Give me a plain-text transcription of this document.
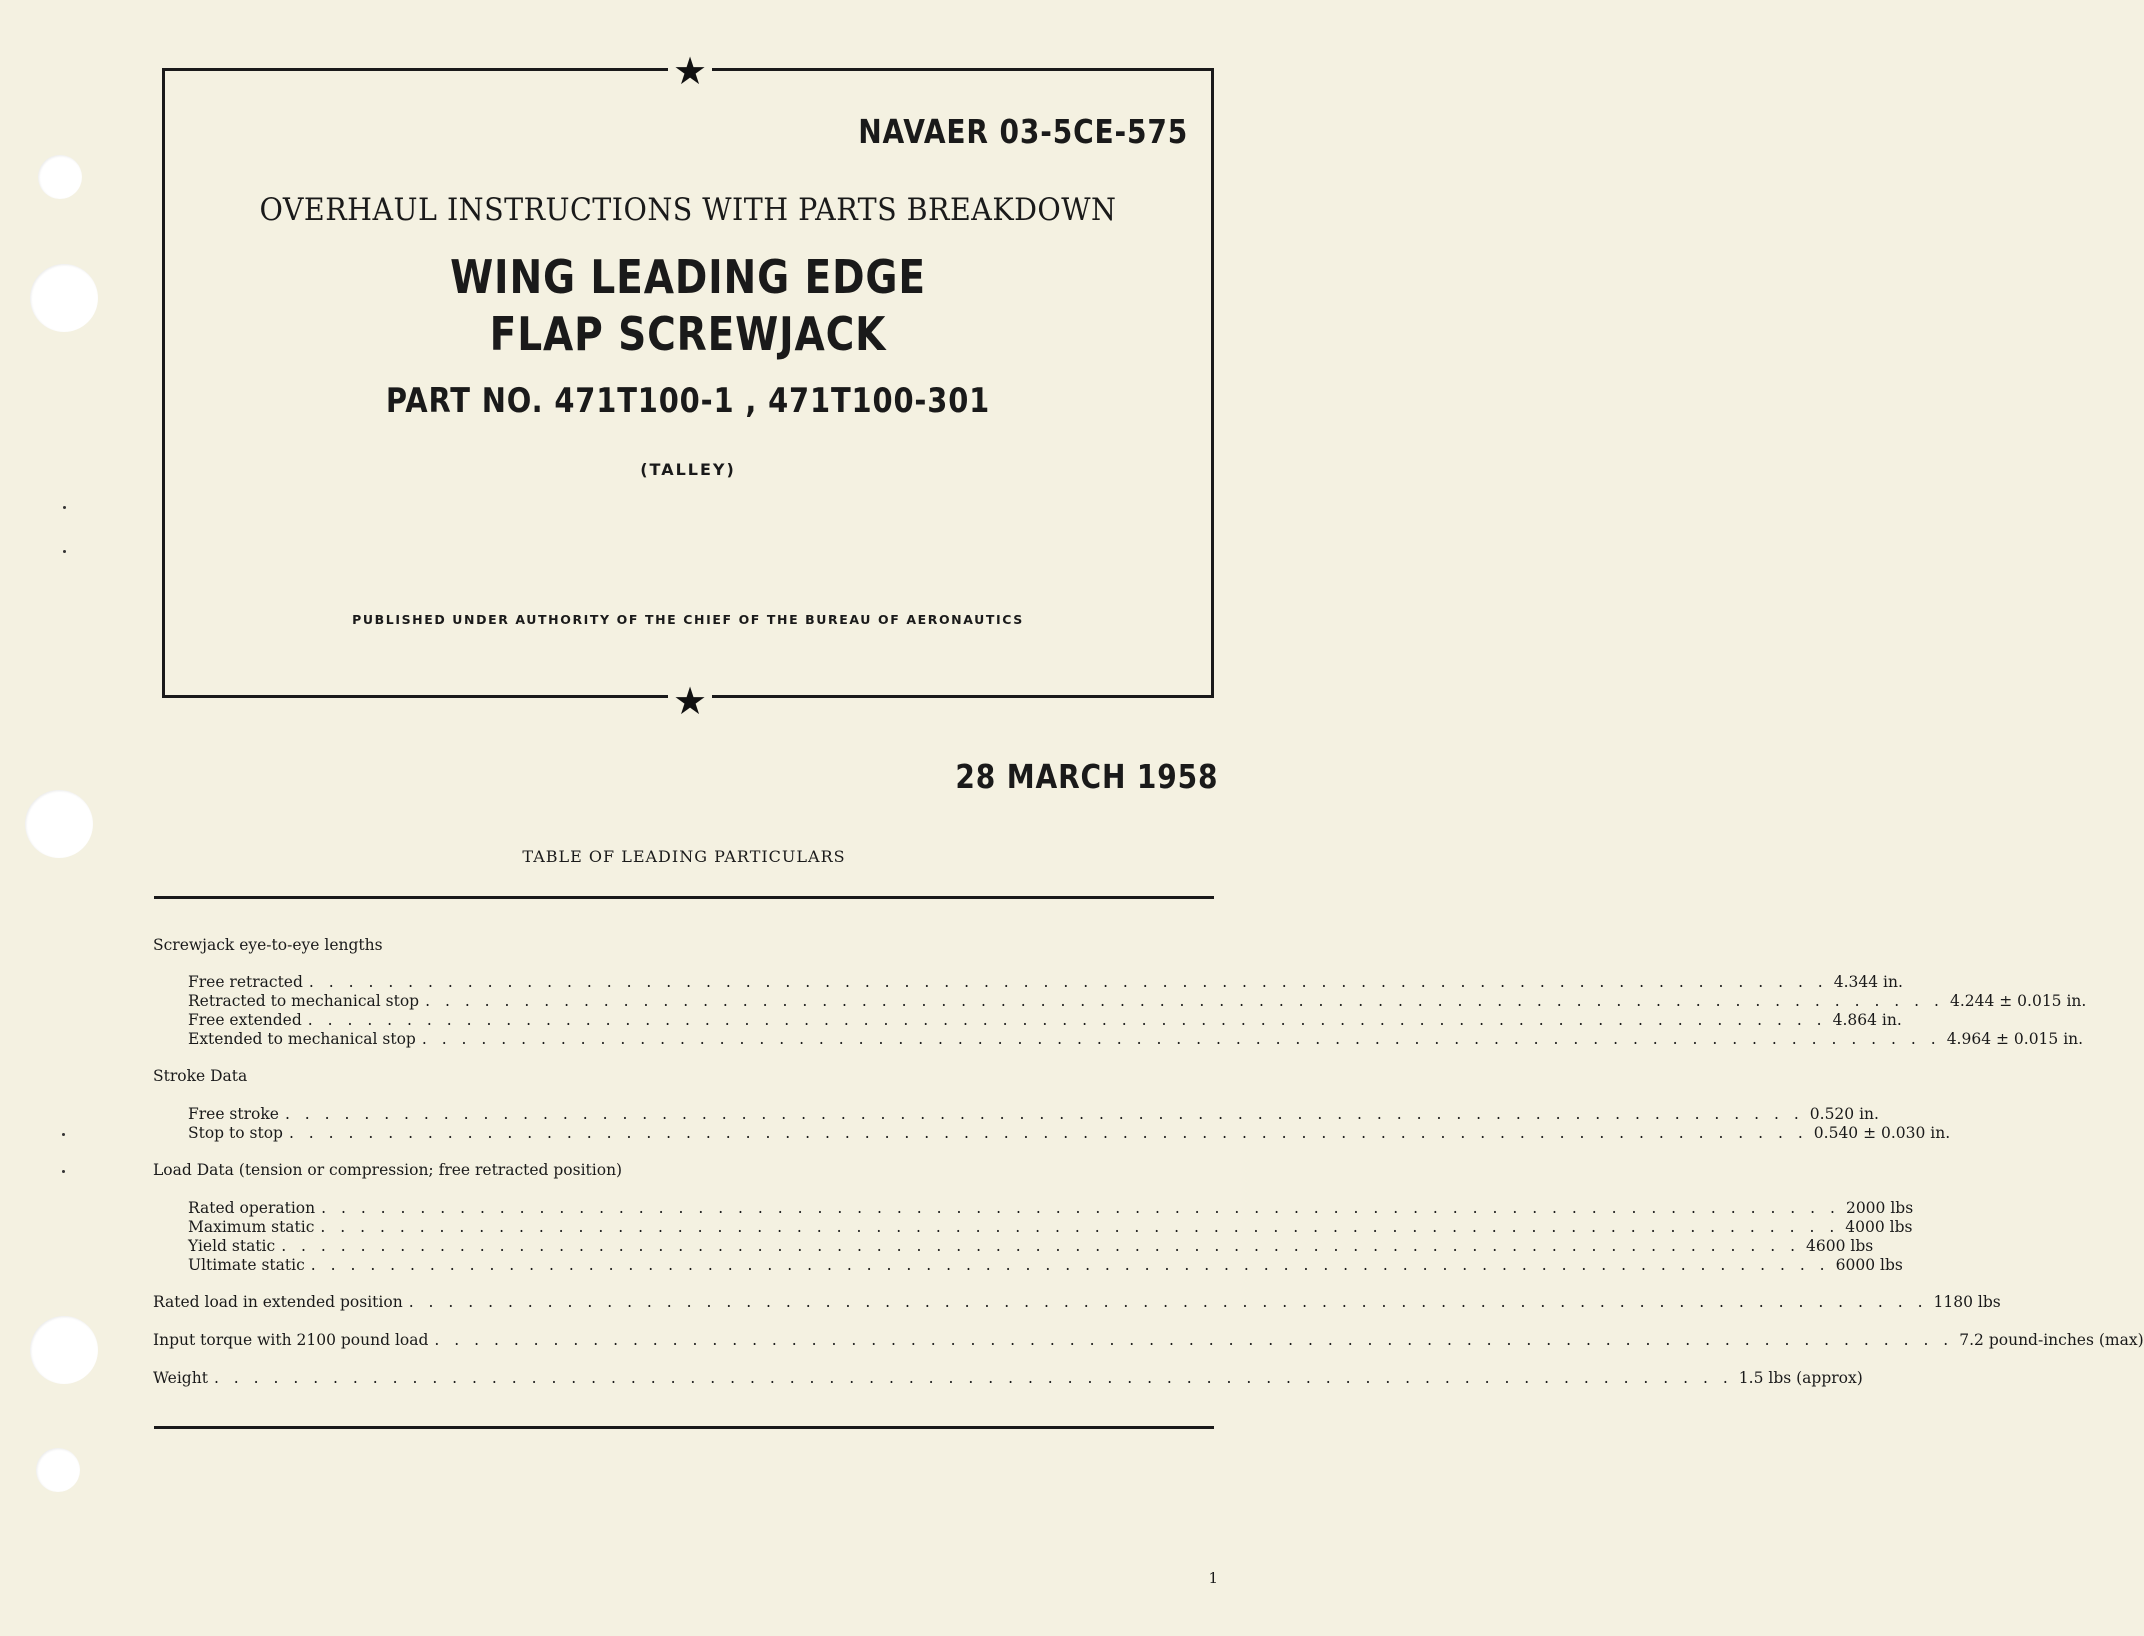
★
★
NAVAER 03-5CE-575
OVERHAUL INSTRUCTIONS WITH PARTS BREAKDOWN
WING LEADING EDGE
FLAP SCREWJACK
PART NO. 471T100-1 , 471T100-301
(TALLEY)
PUBLISHED UNDER AUTHORITY OF THE CHIEF OF THE BUREAU OF AERONAUTICS
28 MARCH 1958
TABLE OF LEADING PARTICULARS
Screwjack eye-to-eye lengths
Free retracted . . . . . . . . . . . . . . . . . . . . . . . . . . . . . . . . . . . . . . . . . . . . . . . . . . . . . . . . . . . . . . . . . . . . . . . . . . . . . 4.344 in.
Retracted to mechanical stop . . . . . . . . . . . . . . . . . . . . . . . . . . . . . . . . . . . . . . . . . . . . . . . . . . . . . . . . . . . . . . . . . . . . . . . . . . . . . 4.244 ± 0.015 in.
Free extended . . . . . . . . . . . . . . . . . . . . . . . . . . . . . . . . . . . . . . . . . . . . . . . . . . . . . . . . . . . . . . . . . . . . . . . . . . . . . 4.864 in.
Extended to mechanical stop . . . . . . . . . . . . . . . . . . . . . . . . . . . . . . . . . . . . . . . . . . . . . . . . . . . . . . . . . . . . . . . . . . . . . . . . . . . . . 4.964 ± 0.015 in.
Stroke Data
Free stroke . . . . . . . . . . . . . . . . . . . . . . . . . . . . . . . . . . . . . . . . . . . . . . . . . . . . . . . . . . . . . . . . . . . . . . . . . . . . . 0.520 in.
Stop to stop . . . . . . . . . . . . . . . . . . . . . . . . . . . . . . . . . . . . . . . . . . . . . . . . . . . . . . . . . . . . . . . . . . . . . . . . . . . . . 0.540 ± 0.030 in.
Load Data (tension or compression; free retracted position)
Rated operation . . . . . . . . . . . . . . . . . . . . . . . . . . . . . . . . . . . . . . . . . . . . . . . . . . . . . . . . . . . . . . . . . . . . . . . . . . . . . 2000 lbs
Maximum static . . . . . . . . . . . . . . . . . . . . . . . . . . . . . . . . . . . . . . . . . . . . . . . . . . . . . . . . . . . . . . . . . . . . . . . . . . . . . 4000 lbs
Yield static . . . . . . . . . . . . . . . . . . . . . . . . . . . . . . . . . . . . . . . . . . . . . . . . . . . . . . . . . . . . . . . . . . . . . . . . . . . . . 4600 lbs
Ultimate static . . . . . . . . . . . . . . . . . . . . . . . . . . . . . . . . . . . . . . . . . . . . . . . . . . . . . . . . . . . . . . . . . . . . . . . . . . . . . 6000 lbs
Rated load in extended position . . . . . . . . . . . . . . . . . . . . . . . . . . . . . . . . . . . . . . . . . . . . . . . . . . . . . . . . . . . . . . . . . . . . . . . . . . . . . 1180 lbs
Input torque with 2100 pound load . . . . . . . . . . . . . . . . . . . . . . . . . . . . . . . . . . . . . . . . . . . . . . . . . . . . . . . . . . . . . . . . . . . . . . . . . . . . . 7.2 pound-inches (max)
Weight . . . . . . . . . . . . . . . . . . . . . . . . . . . . . . . . . . . . . . . . . . . . . . . . . . . . . . . . . . . . . . . . . . . . . . . . . . . . . 1.5 lbs (approx)
1
